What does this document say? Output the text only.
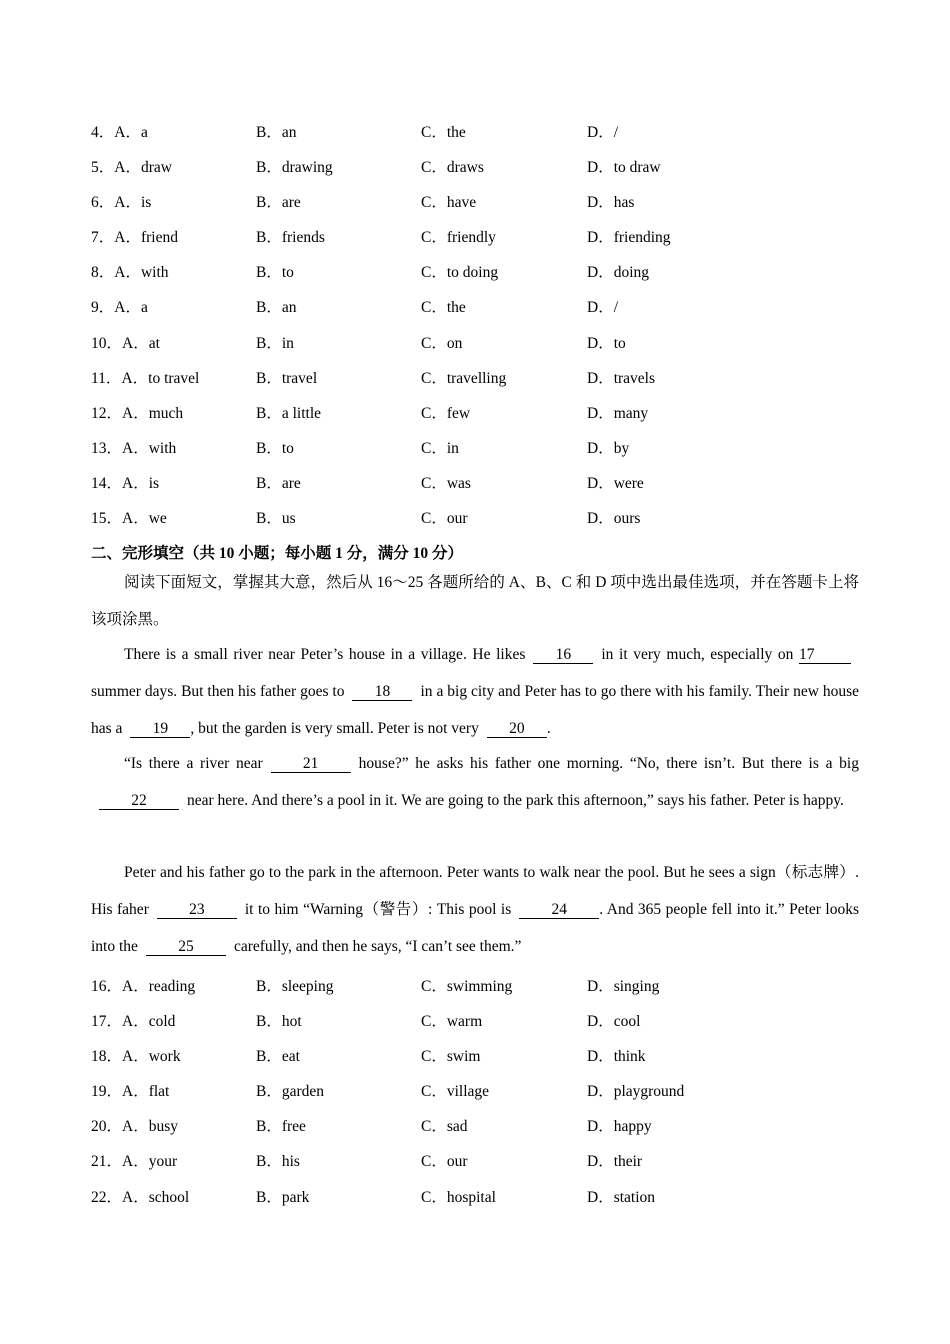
4．A．a	B．an	C．the	D．/
5．A．draw	B．drawing	C．draws	D．to draw
6．A．is	B．are	C．have	D．has
7．A．friend	B．friends	C．friendly	D．friending
8．A．with	B．to	C．to doing	D．doing
9．A．a	B．an	C．the	D．/
10．A．at	B．in	C．on	D．to
11．A．to travel	B．travel	C．travelling	D．travels
12．A．much	B．a little	C．few	D．many
13．A．with	B．to	C．in	D．by
14．A．is	B．are	C．was	D．were
15．A．we	B．us	C．our	D．ours
二、完形填空（共 10 小题；每小题 1 分，满分 10 分）
阅读下面短文，掌握其大意，然后从 16〜25 各题所给的 A、B、C 和 D 项中选出最佳选项，并在答题卡上将该项涂黑。
There is a small river near Peter’s house in a village. He likes 16 in it very much, especially on 17summer days. But then his father goes to 18 in a big city and Peter has to go there with his family. Their new house has a 19 , but the garden is very small. Peter is not very 20 .
“Is there a river near	21	house?” he asks his father one morning. “No, there isn’t. But there is a big22	near here. And there’s a pool in it. We are going to the park this afternoon,” says his father. Peter is happy.
Peter and his father go to the park in the afternoon. Peter wants to walk near the pool. But he sees a sign（标志牌）. His faher	23	it to him “Warning（警告）: This pool is	24 . And 365 people fell into it.” Peter looks into the	25	carefully, and then he says, “I can’t see them.”
16．A．reading	B．sleeping	C．swimming	D．singing
17．A．cold	B．hot	C．warm	D．cool
18．A．work	B．eat	C．swim	D．think
19．A．flat	B．garden	C．village	D．playground
20．A．busy	B．free	C．sad	D．happy
21．A．your	B．his	C．our	D．their
22．A．school	B．park	C．hospital	D．station
